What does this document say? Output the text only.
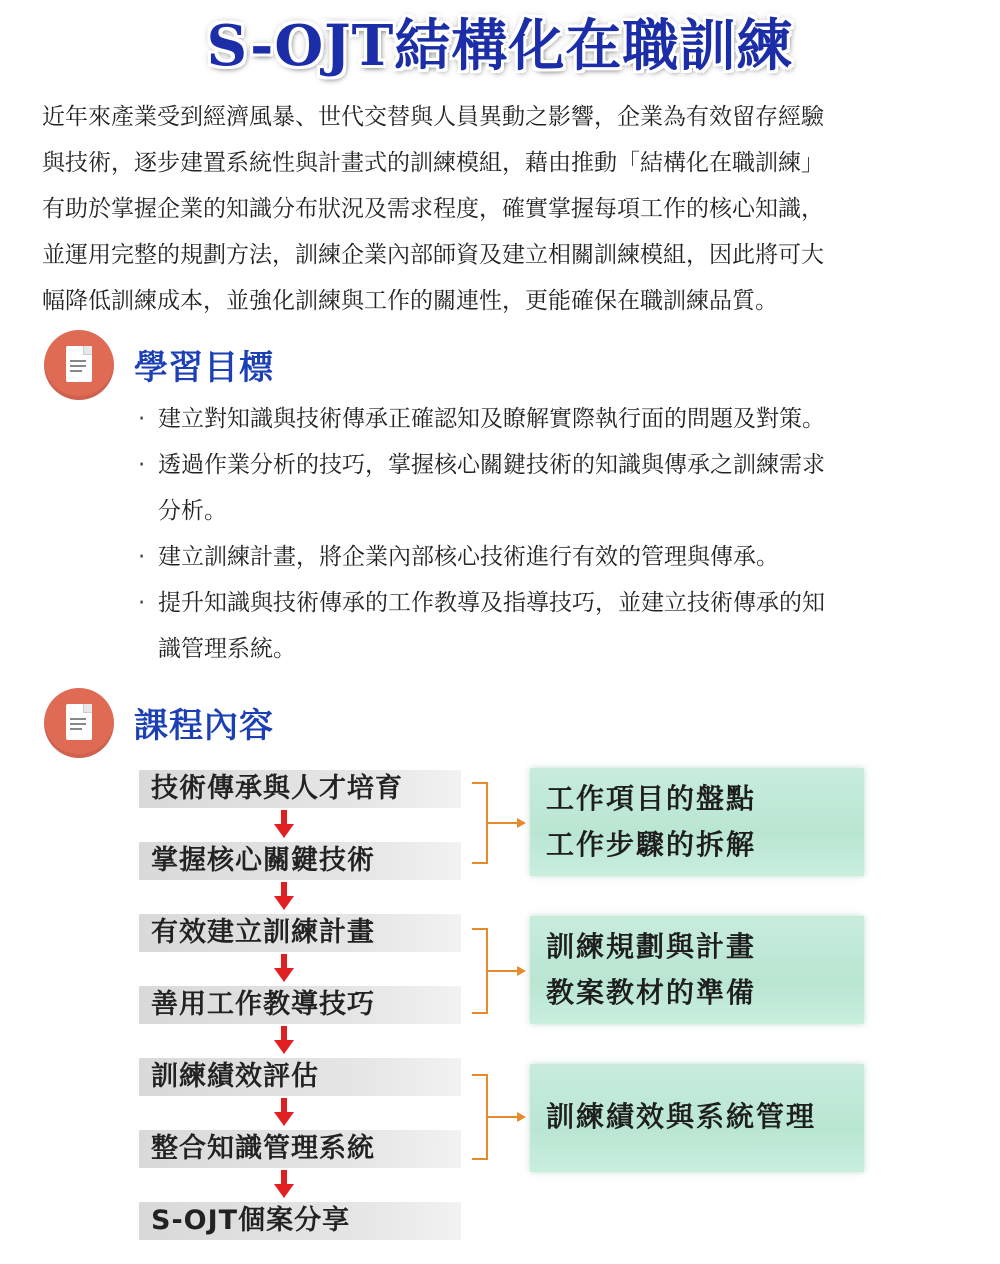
S-OJT結構化在職訓練
近年來產業受到經濟風暴、世代交替與人員異動之影響，企業為有效留存經驗
與技術，逐步建置系統性與計畫式的訓練模組，藉由推動「結構化在職訓練」
有助於掌握企業的知識分布狀況及需求程度，確實掌握每項工作的核心知識，
並運用完整的規劃方法，訓練企業內部師資及建立相關訓練模組，因此將可大
幅降低訓練成本，並強化訓練與工作的關連性，更能確保在職訓練品質。
學習目標
· 建立對知識與技術傳承正確認知及瞭解實際執行面的問題及對策。
· 透過作業分析的技巧，掌握核心關鍵技術的知識與傳承之訓練需求
分析。
· 建立訓練計畫，將企業內部核心技術進行有效的管理與傳承。
· 提升知識與技術傳承的工作教導及指導技巧，並建立技術傳承的知
識管理系統。
課程內容
技術傳承與人才培育
掌握核心關鍵技術
有效建立訓練計畫
善用工作教導技巧
訓練績效評估
整合知識管理系統
S-OJT個案分享
工作項目的盤點
工作步驟的拆解
訓練規劃與計畫
教案教材的準備
訓練績效與系統管理
